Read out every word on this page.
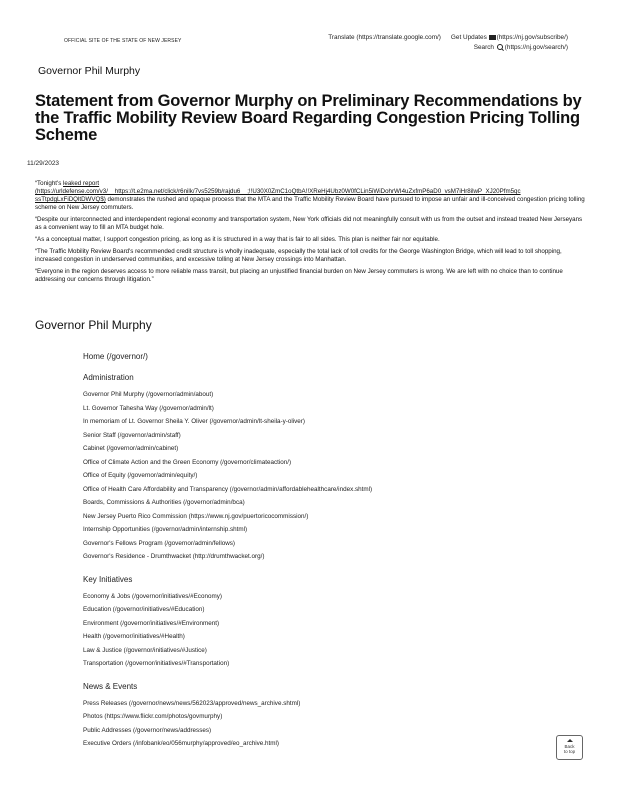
OFFICIAL SITE OF THE STATE OF NEW JERSEY	Translate (https://translate.google.com/) Get Updates (https://nj.gov/subscribe/)
Search (https://nj.gov/search/)
Governor Phil Murphy
Statement from Governor Murphy on Preliminary Recommendations by the Traffic Mobility Review Board Regarding Congestion Pricing Tolling Scheme
11/29/2023

“Tonight's leaked report

(https://urldefense.com/v3/__https://t.e2ma.net/click/r6nilk/7vs5259b/rajdu6__;!!U30X0ZmC1oQtbA!!XReHj4Ubz0W0fCLin5iWiDohrWI4uZxfmP6aD0_vsM7iHr8ilwP_XJ20Pfm5qc
ssTtpdgLxFiDQltDWVQ$) demonstrates the rushed and opaque process that the MTA and the Traffic Mobility Review Board have pursued to impose an unfair and ill-conceived congestion pricing tolling scheme on New Jersey commuters.

“Despite our interconnected and interdependent regional economy and transportation system, New York officials did not meaningfully consult with us from the outset and instead treated New Jerseyans as a convenient way to fill an MTA budget hole.

“As a conceptual matter, I support congestion pricing, as long as it is structured in a way that is fair to all sides. This plan is neither fair nor equitable.

“The Traffic Mobility Review Board's recommended credit structure is wholly inadequate, especially the total lack of toll credits for the George Washington Bridge, which will lead to toll shopping, increased congestion in underserved communities, and excessive tolling at New Jersey crossings into Manhattan.

“Everyone in the region deserves access to more reliable mass transit, but placing an unjustified financial burden on New Jersey commuters is wrong. We are left with no choice than to continue addressing our concerns through litigation.”

Governor Phil Murphy
Home (/governor/)
Administration
Governor Phil Murphy (/governor/admin/about)
Lt. Governor Tahesha Way (/governor/admin/lt)
In memoriam of Lt. Governor Sheila Y. Oliver (/governor/admin/lt-sheila-y-oliver)
Senior Staff (/governor/admin/staff)
Cabinet (/governor/admin/cabinet)
Office of Climate Action and the Green Economy (/governor/climateaction/)
Office of Equity (/governor/admin/equity/)
Office of Health Care Affordability and Transparency (/governor/admin/affordablehealthcare/index.shtml)
Boards, Commissions & Authorities (/governor/admin/bca)
New Jersey Puerto Rico Commission (https://www.nj.gov/puertoricocommission/)
Internship Opportunities (/governor/admin/internship.shtml)
Governor's Fellows Program (/governor/admin/fellows)
Governor's Residence - Drumthwacket (http://drumthwacket.org/)
Key Initiatives
Economy & Jobs (/governor/initiatives/#Economy)
Education (/governor/initiatives/#Education)
Environment (/governor/initiatives/#Environment)
Health (/governor/initiatives/#Health)
Law & Justice (/governor/initiatives/#Justice)
Transportation (/governor/initiatives/#Transportation)
News & Events
Press Releases (/governor/news/news/562023/approved/news_archive.shtml)
Photos (https://www.flickr.com/photos/govmurphy)
Public Addresses (/governor/news/addresses)
Executive Orders (/infobank/eo/056murphy/approved/eo_archive.html)	Back
to top
